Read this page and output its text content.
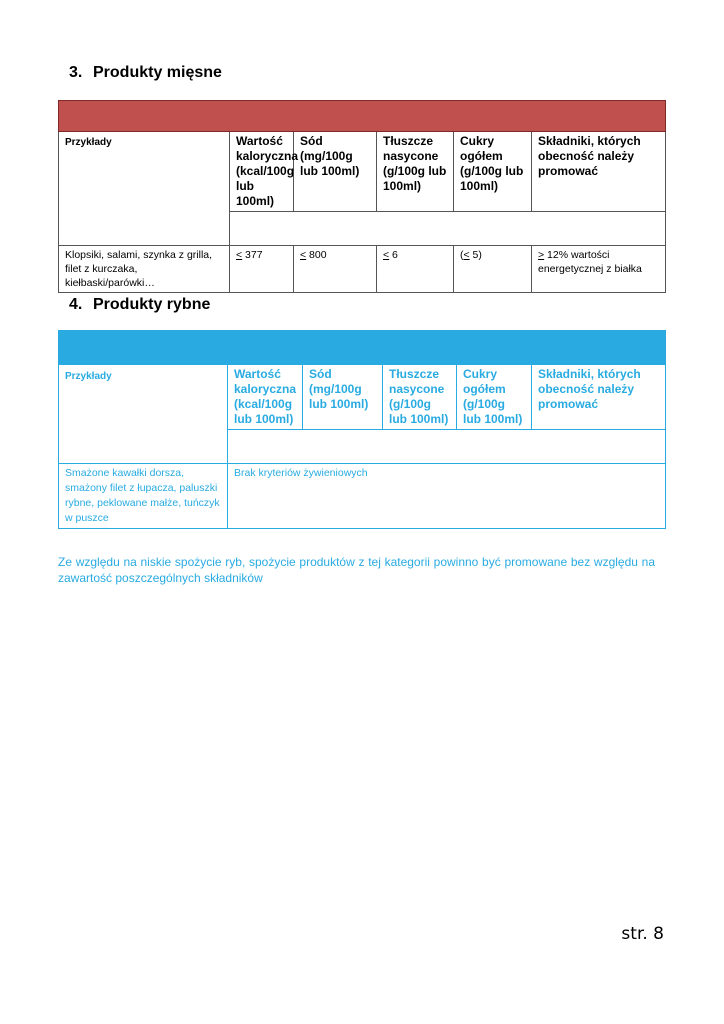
3. Produkty mięsne

Przykłady	Wartość kaloryczna (kcal/100g lub 100ml)	Sód (mg/100g lub 100ml)	Tłuszcze nasycone (g/100g lub 100ml)	Cukry ogółem (g/100g lub 100ml)	Składniki, których obecność należy promować

Klopsiki, salami, szynka z grilla, filet z kurczaka, kiełbaski/parówki…	< 377	< 800	< 6	(< 5)	> 12% wartości energetycznej z białka
4. Produkty rybne

Przykłady	Wartość kaloryczna (kcal/100g lub 100ml)	Sód (mg/100g lub 100ml)	Tłuszcze nasycone (g/100g lub 100ml)	Cukry ogółem (g/100g lub 100ml)	Składniki, których obecność należy promować

Smażone kawałki dorsza, smażony filet z łupacza, paluszki rybne, peklowane małże, tuńczyk w puszce	Brak kryteriów żywieniowych				

Ze względu na niskie spożycie ryb, spożycie produktów z tej kategorii powinno być promowane bez względu na zawartość poszczególnych składników

str. 8
